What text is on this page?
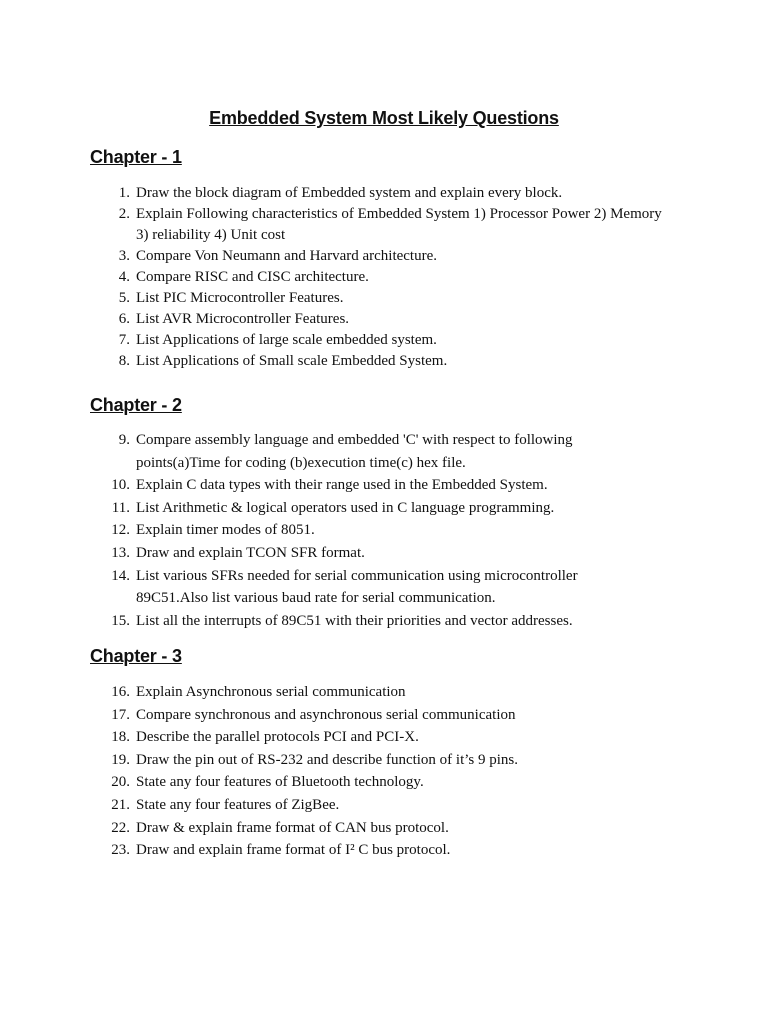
Embedded System Most Likely Questions
Chapter - 1
1. Draw the block diagram of Embedded system and explain every block.
2. Explain Following characteristics of Embedded System 1) Processor Power 2) Memory 3) reliability 4) Unit cost
3. Compare Von Neumann and Harvard architecture.
4. Compare RISC and CISC architecture.
5. List PIC Microcontroller Features.
6. List AVR Microcontroller Features.
7. List Applications of large scale embedded system.
8. List Applications of Small scale Embedded System.
Chapter - 2
9. Compare assembly language and embedded 'C' with respect to following points(a)Time for coding (b)execution time(c) hex file.
10. Explain C data types with their range used in the Embedded System.
11. List Arithmetic & logical operators used in C language programming.
12. Explain timer modes of 8051.
13. Draw and explain TCON SFR format.
14. List various SFRs needed for serial communication using microcontroller 89C51.Also list various baud rate for serial communication.
15. List all the interrupts of 89C51 with their priorities and vector addresses.
Chapter - 3
16. Explain Asynchronous serial communication
17. Compare synchronous and asynchronous serial communication
18. Describe the parallel protocols PCI and PCI-X.
19. Draw the pin out of RS-232 and describe function of it’s 9 pins.
20. State any four features of Bluetooth technology.
21. State any four features of ZigBee.
22. Draw & explain frame format of CAN bus protocol.
23. Draw and explain frame format of I² C bus protocol.
